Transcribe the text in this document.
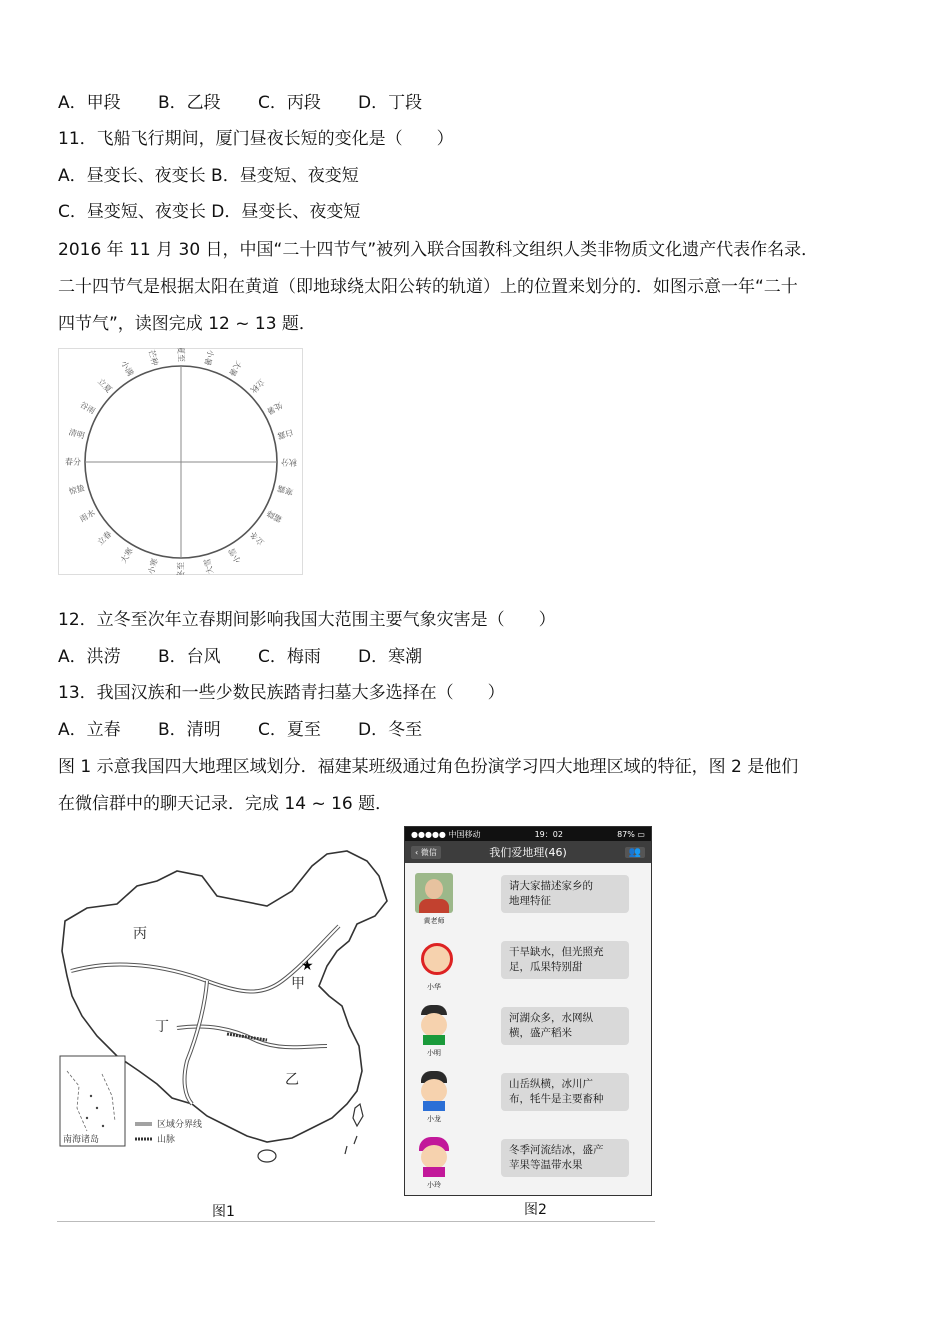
A．甲段 B．乙段 C．丙段 D．丁段
11．飞船飞行期间，厦门昼夜长短的变化是（　　）
A．昼变长、夜变长 B．昼变短、夜变短
C．昼变短、夜变长 D．昼变长、夜变短
2016 年 11 月 30 日，中国“二十四节气”被列入联合国教科文组织人类非物质文化遗产代表作名录．
二十四节气是根据太阳在黄道（即地球绕太阳公转的轨道）上的位置来划分的．如图示意一年“二十
四节气”，读图完成 12 ~ 13 题．
夏至 小暑
大暑
立秋
处暑
白露
秋分
寒露
霜降
立冬
小雪
大雪
冬至
小寒
大寒
立春
雨水
惊蛰
春分
清明
谷雨
立夏
小满
芒种
12．立冬至次年立春期间影响我国大范围主要气象灾害是（　　）
A．洪涝 B．台风 C．梅雨 D．寒潮
13．我国汉族和一些少数民族踏青扫墓大多选择在（　　）
A．立春 B．清明 C．夏至 D．冬至
图 1 示意我国四大地理区域划分．福建某班级通过角色扮演学习四大地理区域的特征，图 2 是他们
在微信群中的聊天记录．完成 14 ~ 16 题．
★
丙
甲
丁
乙
南海诸岛
区域分界线
山脉
图1
●●●●● 中国移动	19：02	87% ▭
‹ 微信	我们爱地理(46)	👥
黄老师
请大家描述家乡的
地理特征
小华
干旱缺水，但光照充
足，瓜果特别甜
小明
河湖众多，水网纵
横，盛产稻米
小龙
山岳纵横，冰川广
布，牦牛是主要畜种
小玲
冬季河流结冰，盛产
苹果等温带水果
图2
